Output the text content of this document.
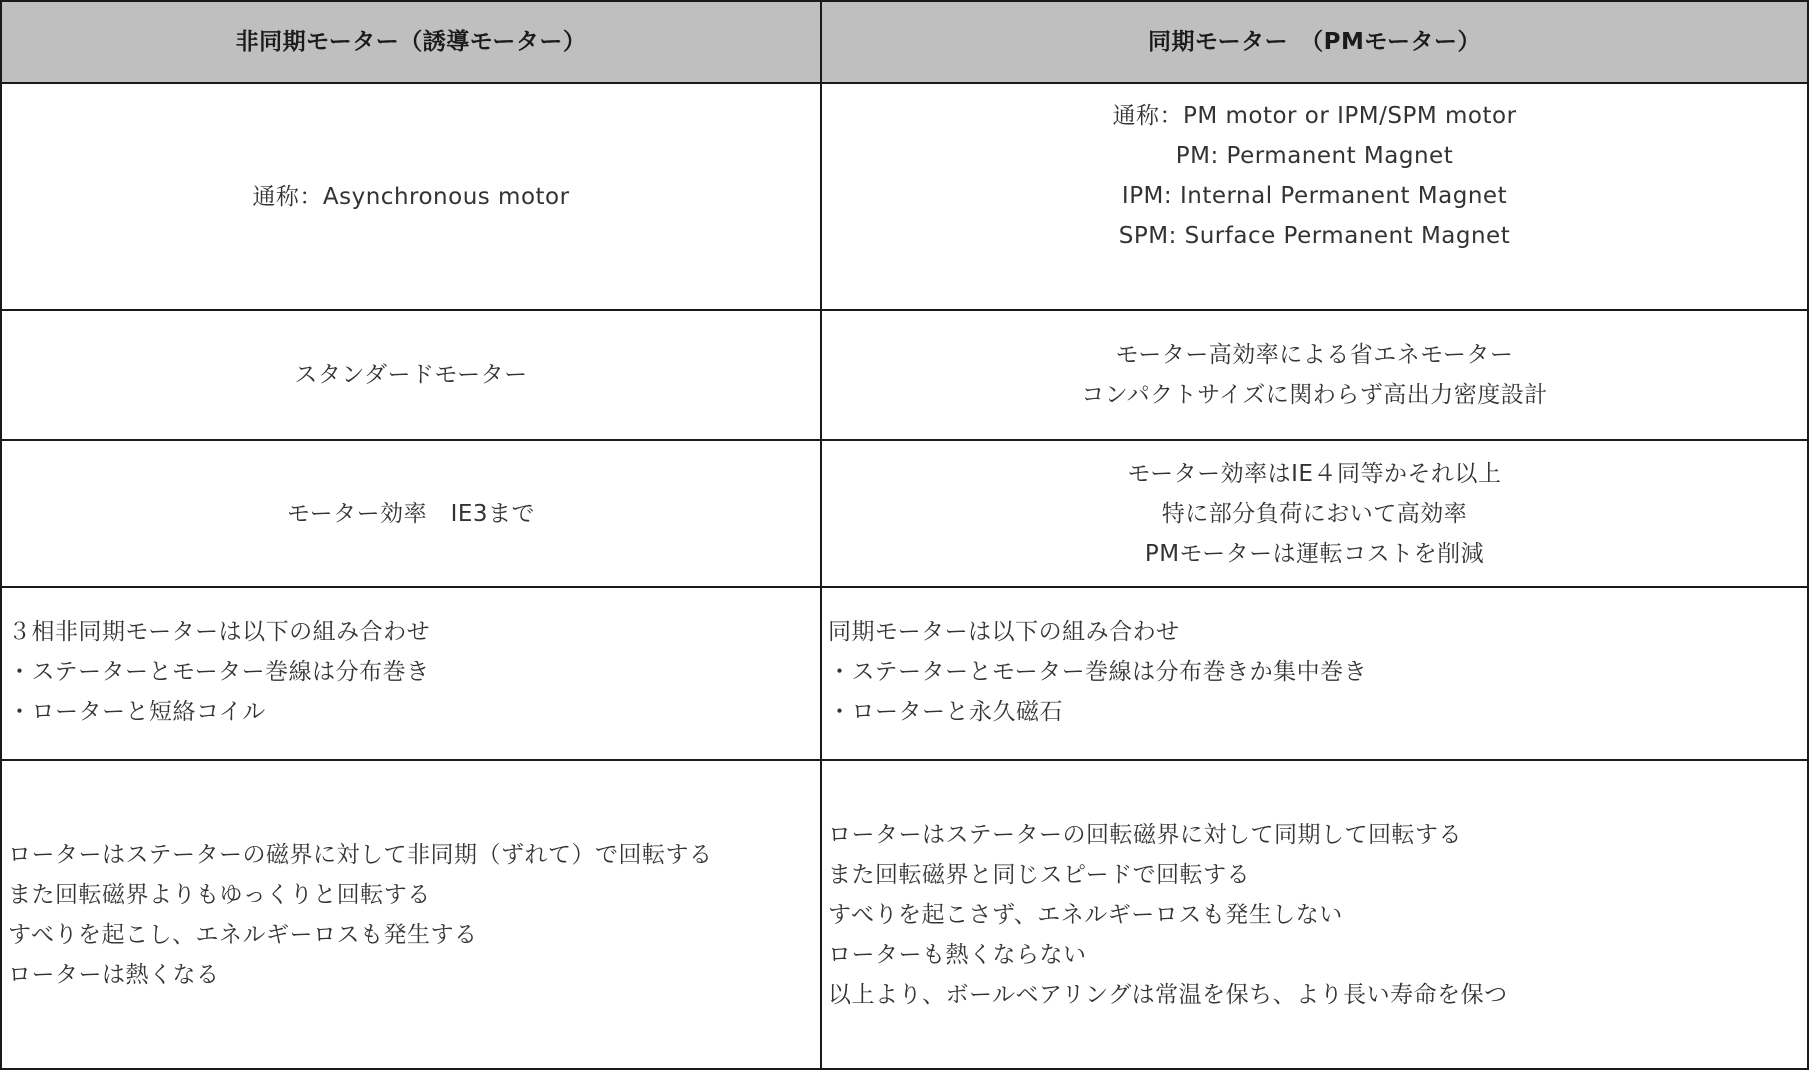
非同期モーター（誘導モーター）	同期モーター　（PMモーター）
通称：Asynchronous motor
通称：PM motor or IPM/SPM motor
PM: Permanent Magnet
IPM: Internal Permanent Magnet
SPM: Surface Permanent Magnet
スタンダードモーター
モーター高効率による省エネモーター
コンパクトサイズに関わらず高出力密度設計
モーター効率　IE3まで
モーター効率はIE４同等かそれ以上
特に部分負荷において高効率
PMモーターは運転コストを削減
３相非同期モーターは以下の組み合わせ
・ステーターとモーター巻線は分布巻き
・ローターと短絡コイル
同期モーターは以下の組み合わせ
・ステーターとモーター巻線は分布巻きか集中巻き
・ローターと永久磁石
ローターはステーターの磁界に対して非同期（ずれて）で回転する
また回転磁界よりもゆっくりと回転する
すべりを起こし、エネルギーロスも発生する
ローターは熱くなる
ローターはステーターの回転磁界に対して同期して回転する
また回転磁界と同じスピードで回転する
すべりを起こさず、エネルギーロスも発生しない
ローターも熱くならない
以上より、ボールベアリングは常温を保ち、より長い寿命を保つ
